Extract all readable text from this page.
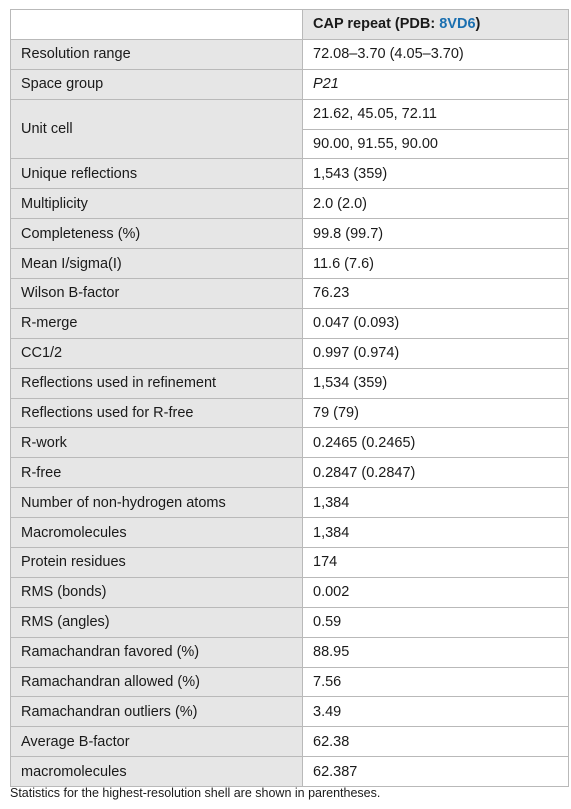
	CAP repeat (PDB: 8VD6)
Resolution range	72.08–3.70 (4.05–3.70)
Space group	P21
Unit cell	21.62, 45.05, 72.11
	90.00, 91.55, 90.00
Unique reflections	1,543 (359)
Multiplicity	2.0 (2.0)
Completeness (%)	99.8 (99.7)
Mean I/sigma(I)	11.6 (7.6)
Wilson B-factor	76.23
R-merge	0.047 (0.093)
CC1/2	0.997 (0.974)
Reflections used in refinement	1,534 (359)
Reflections used for R-free	79 (79)
R-work	0.2465 (0.2465)
R-free	0.2847 (0.2847)
Number of non-hydrogen atoms	1,384
Macromolecules	1,384
Protein residues	174
RMS (bonds)	0.002
RMS (angles)	0.59
Ramachandran favored (%)	88.95
Ramachandran allowed (%)	7.56
Ramachandran outliers (%)	3.49
Average B-factor	62.38
macromolecules	62.387
Statistics for the highest-resolution shell are shown in parentheses.
